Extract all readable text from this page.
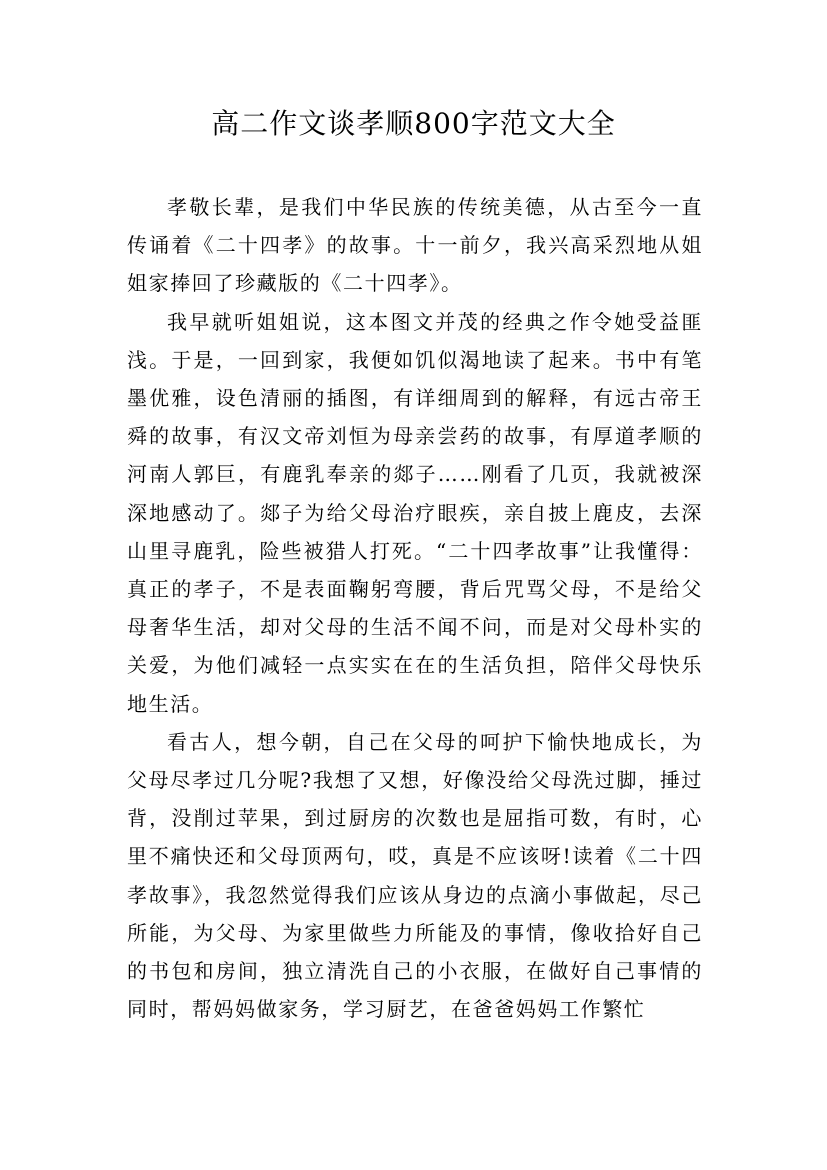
高二作文谈孝顺800字范文大全

孝敬长辈，是我们中华民族的传统美德，从古至今一直传诵着《二十四孝》的故事。十一前夕，我兴高采烈地从姐姐家捧回了珍藏版的《二十四孝》。

我早就听姐姐说，这本图文并茂的经典之作令她受益匪浅。于是，一回到家，我便如饥似渴地读了起来。书中有笔墨优雅，设色清丽的插图，有详细周到的解释，有远古帝王舜的故事，有汉文帝刘恒为母亲尝药的故事，有厚道孝顺的河南人郭巨，有鹿乳奉亲的郯子……刚看了几页，我就被深深地感动了。郯子为给父母治疗眼疾，亲自披上鹿皮，去深山里寻鹿乳，险些被猎人打死。“二十四孝故事”让我懂得：真正的孝子，不是表面鞠躬弯腰，背后咒骂父母，不是给父母奢华生活，却对父母的生活不闻不问，而是对父母朴实的关爱，为他们减轻一点实实在在的生活负担，陪伴父母快乐地生活。

看古人，想今朝，自己在父母的呵护下愉快地成长，为父母尽孝过几分呢?我想了又想，好像没给父母洗过脚，捶过背，没削过苹果，到过厨房的次数也是屈指可数，有时，心里不痛快还和父母顶两句，哎，真是不应该呀!读着《二十四孝故事》，我忽然觉得我们应该从身边的点滴小事做起，尽己所能，为父母、为家里做些力所能及的事情，像收拾好自己的书包和房间，独立清洗自己的小衣服，在做好自己事情的同时，帮妈妈做家务，学习厨艺，在爸爸妈妈工作繁忙
